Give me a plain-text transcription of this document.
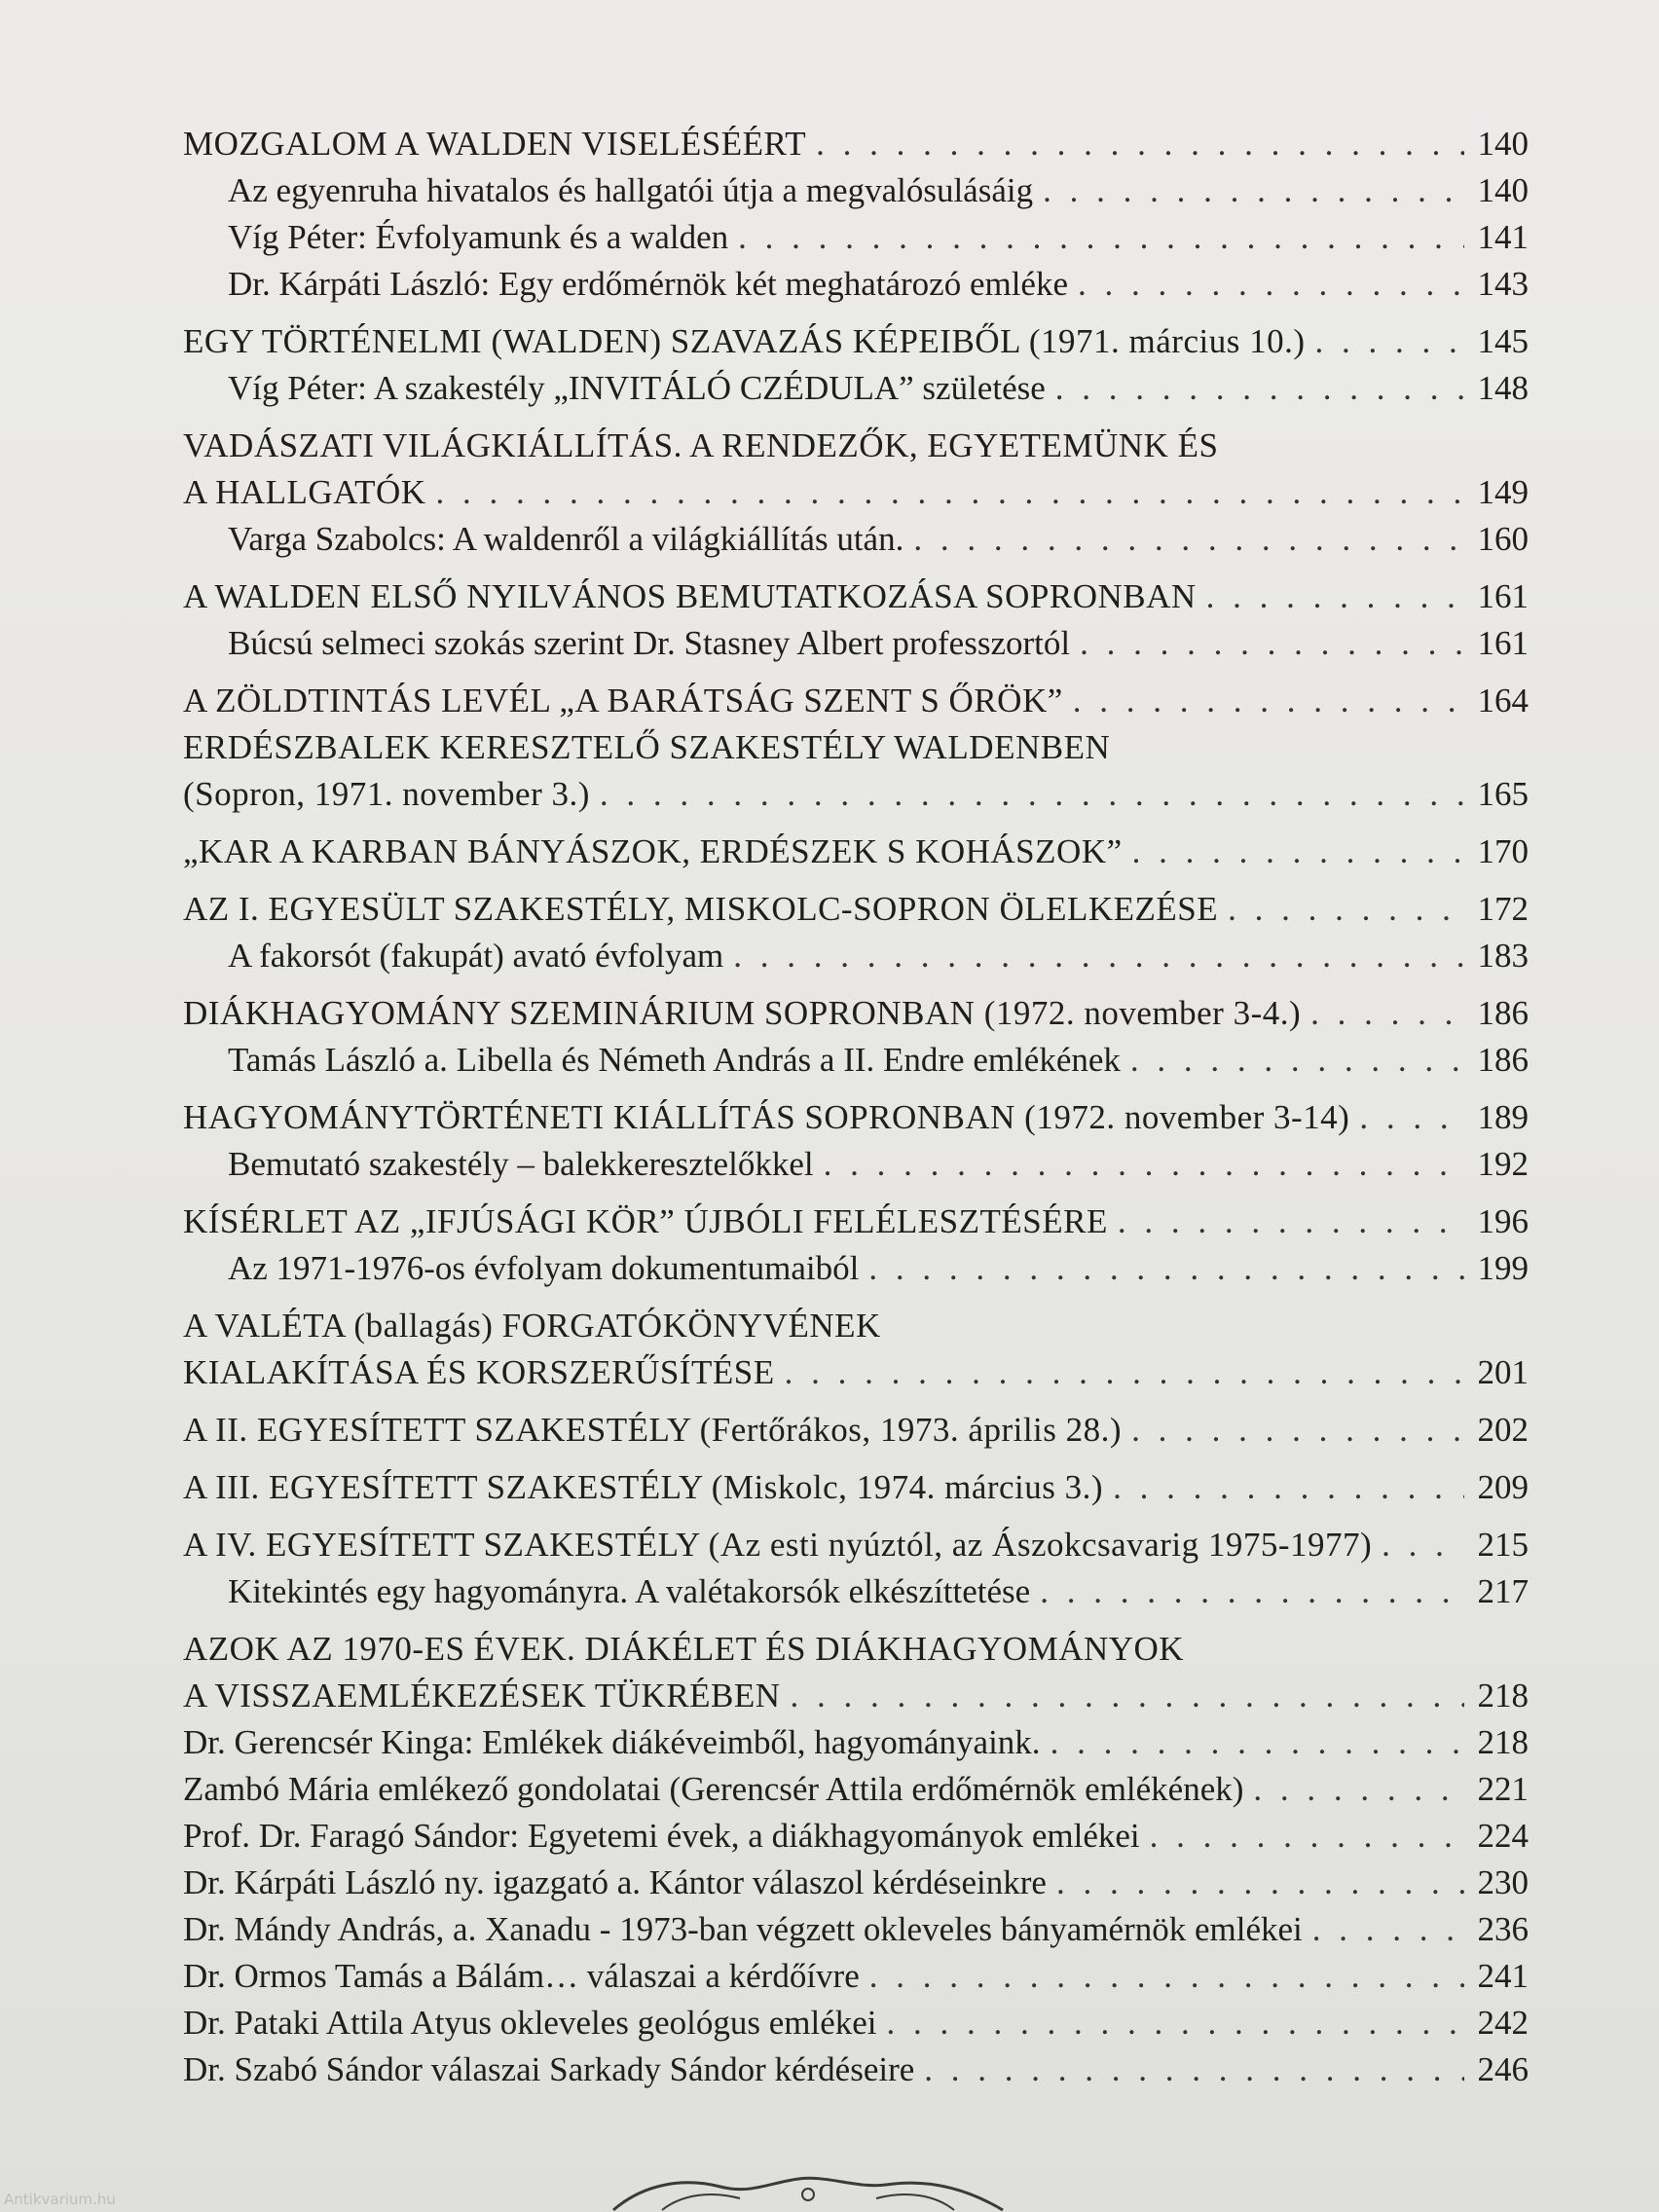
MOZGALOM A WALDEN VISELÉSÉÉRT . . .	140
Az egyenruha hivatalos és hallgatói útja a megvalósulásáig . . .	140
Víg Péter: Évfolyamunk és a walden . . .	141
Dr. Kárpáti László: Egy erdőmérnök két meghatározó emléke . . .	143
EGY TÖRTÉNELMI (WALDEN) SZAVAZÁS KÉPEIBŐL (1971. március 10.) . . .	145
Víg Péter: A szakestély „INVITÁLÓ CZÉDULA” születése . . .	148
VADÁSZATI VILÁGKIÁLLÍTÁS. A RENDEZŐK, EGYETEMÜNK ÉS
A HALLGATÓK . . .	149
Varga Szabolcs: A waldenről a világkiállítás után. . . .	160
A WALDEN ELSŐ NYILVÁNOS BEMUTATKOZÁSA SOPRONBAN . . .	161
Búcsú selmeci szokás szerint Dr. Stasney Albert professzortól . . .	161
A ZÖLDTINTÁS LEVÉL „A BARÁTSÁG SZENT S ŐRÖK” . . .	164
ERDÉSZBALEK KERESZTELŐ SZAKESTÉLY WALDENBEN
(Sopron, 1971. november 3.) . . .	165
„KAR A KARBAN BÁNYÁSZOK, ERDÉSZEK S KOHÁSZOK” . . .	170
AZ I. EGYESÜLT SZAKESTÉLY, MISKOLC-SOPRON ÖLELKEZÉSE . . .	172
A fakorsót (fakupát) avató évfolyam . . .	183
DIÁKHAGYOMÁNY SZEMINÁRIUM SOPRONBAN (1972. november 3-4.) . . .	186
Tamás László a. Libella és Németh András a II. Endre emlékének . . .	186
HAGYOMÁNYTÖRTÉNETI KIÁLLÍTÁS SOPRONBAN (1972. november 3-14) . . .	189
Bemutató szakestély – balekkeresztelőkkel . . .	192
KÍSÉRLET AZ „IFJÚSÁGI KÖR” ÚJBÓLI FELÉLESZTÉSÉRE . . .	196
Az 1971-1976-os évfolyam dokumentumaiból . . .	199
A VALÉTA (ballagás) FORGATÓKÖNYVÉNEK
KIALAKÍTÁSA ÉS KORSZERŰSÍTÉSE . . .	201
A II. EGYESÍTETT SZAKESTÉLY (Fertőrákos, 1973. április 28.) . . .	202
A III. EGYESÍTETT SZAKESTÉLY (Miskolc, 1974. március 3.) . . .	209
A IV. EGYESÍTETT SZAKESTÉLY (Az esti nyúztól, az Ászokcsavarig 1975-1977) . . .	215
Kitekintés egy hagyományra. A valétakorsók elkészíttetése . . .	217
AZOK AZ 1970-ES ÉVEK. DIÁKÉLET ÉS DIÁKHAGYOMÁNYOK
A VISSZAEMLÉKEZÉSEK TÜKRÉBEN . . .	218
Dr. Gerencsér Kinga: Emlékek diákéveimből, hagyományaink. . . .	218
Zambó Mária emlékező gondolatai (Gerencsér Attila erdőmérnök emlékének) . . .	221
Prof. Dr. Faragó Sándor: Egyetemi évek, a diákhagyományok emlékei . . .	224
Dr. Kárpáti László ny. igazgató a. Kántor válaszol kérdéseinkre . . .	230
Dr. Mándy András, a. Xanadu - 1973-ban végzett okleveles bányamérnök emlékei . . .	236
Dr. Ormos Tamás a Bálám… válaszai a kérdőívre . . .	241
Dr. Pataki Attila Atyus okleveles geológus emlékei . . .	242
Dr. Szabó Sándor válaszai Sarkady Sándor kérdéseire . . .	246
Antikvarium.hu
